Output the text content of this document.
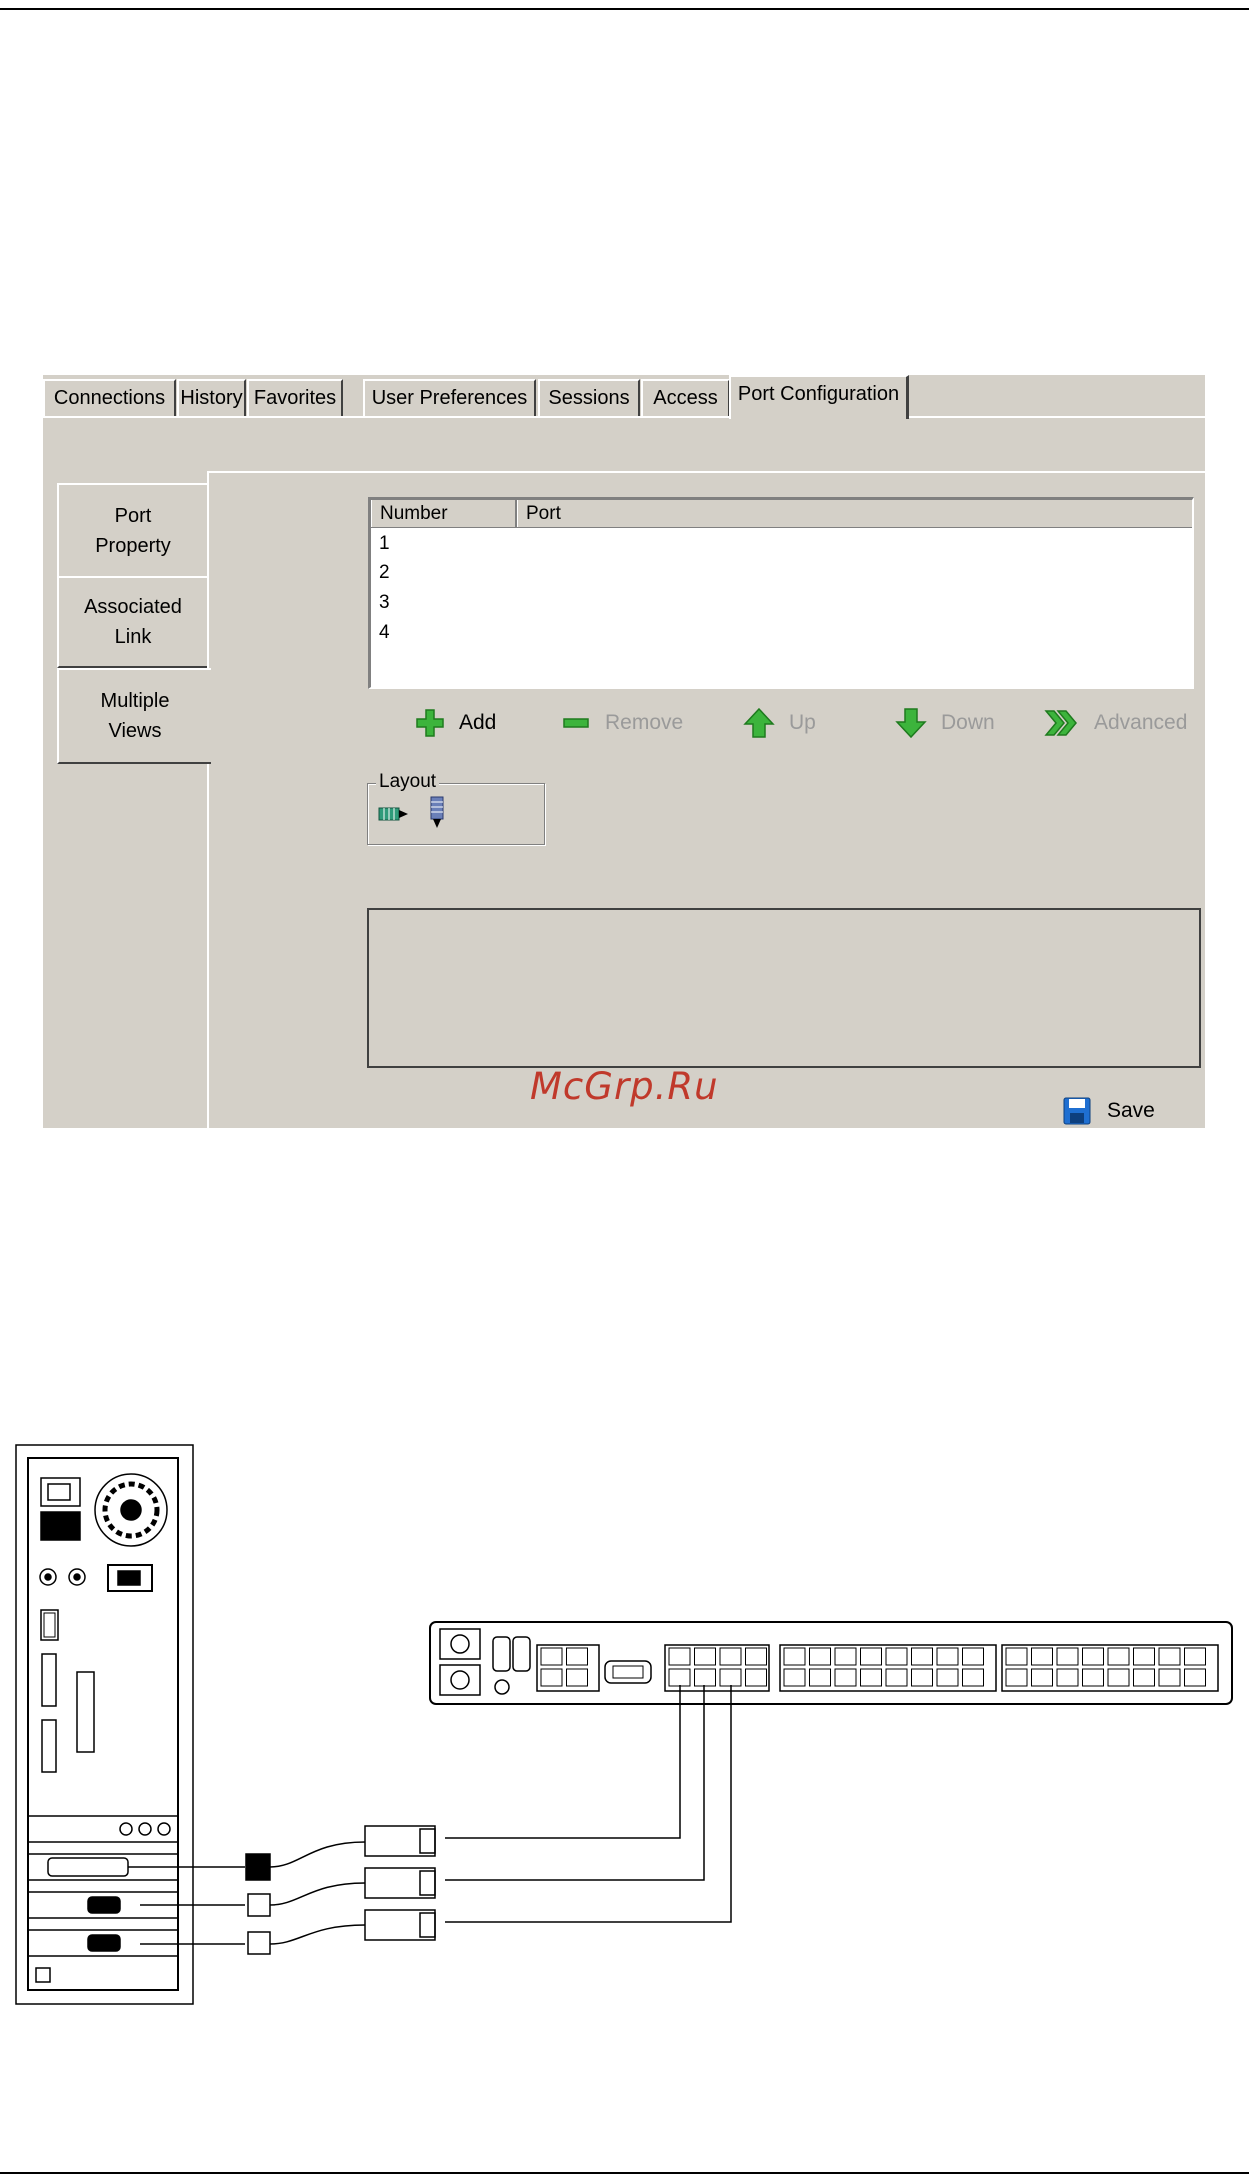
Connections History Favorites	User Preferences	Sessions	Access	Port Configuration
Port
Property
Associated
Link
Multiple
Views
Number	Port
1
2
3
4
Add	Remove	Up	Down	Advanced
Layout
McGrp.Ru
Save
